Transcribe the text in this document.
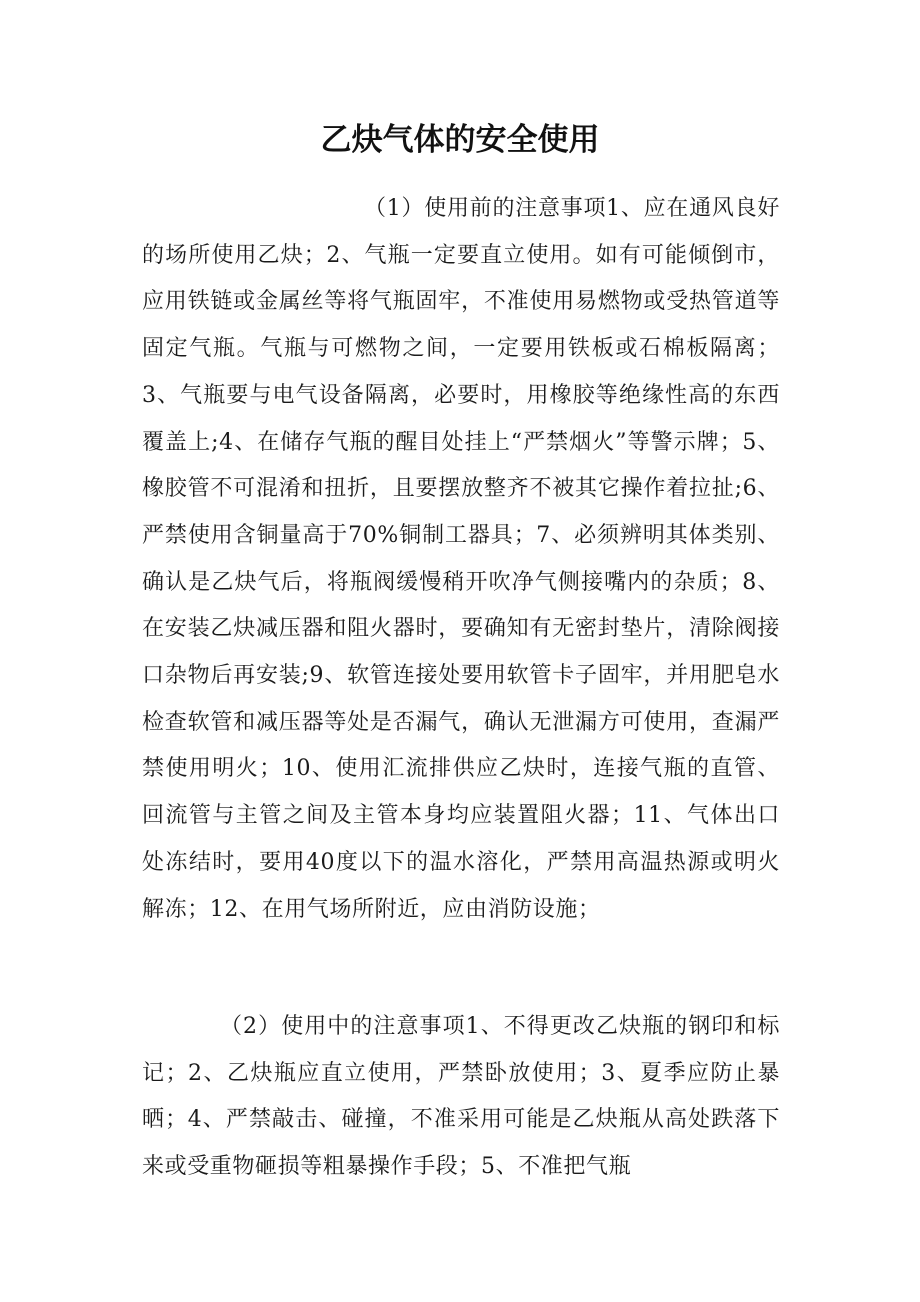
乙炔气体的安全使用

（1）使用前的注意事项1、应在通风良好的场所使用乙炔；2、气瓶一定要直立使用。如有可能倾倒市，应用铁链或金属丝等将气瓶固牢，不准使用易燃物或受热管道等固定气瓶。气瓶与可燃物之间，一定要用铁板或石棉板隔离；3、气瓶要与电气设备隔离，必要时，用橡胶等绝缘性高的东西覆盖上;4、在储存气瓶的醒目处挂上“严禁烟火”等警示牌；5、橡胶管不可混淆和扭折，且要摆放整齐不被其它操作着拉扯;6、严禁使用含铜量高于70%铜制工器具；7、必须辨明其体类别、确认是乙炔气后，将瓶阀缓慢稍开吹净气侧接嘴内的杂质；8、在安装乙炔减压器和阻火器时，要确知有无密封垫片，清除阀接口杂物后再安装;9、软管连接处要用软管卡子固牢，并用肥皂水检查软管和减压器等处是否漏气，确认无泄漏方可使用，查漏严禁使用明火；10、使用汇流排供应乙炔时，连接气瓶的直管、回流管与主管之间及主管本身均应装置阻火器；11、气体出口处冻结时，要用40度以下的温水溶化，严禁用高温热源或明火解冻；12、在用气场所附近，应由消防设施；

（2）使用中的注意事项1、不得更改乙炔瓶的钢印和标记；2、乙炔瓶应直立使用，严禁卧放使用；3、夏季应防止暴晒；4、严禁敲击、碰撞，不准采用可能是乙炔瓶从高处跌落下来或受重物砸损等粗暴操作手段；5、不准把气瓶
